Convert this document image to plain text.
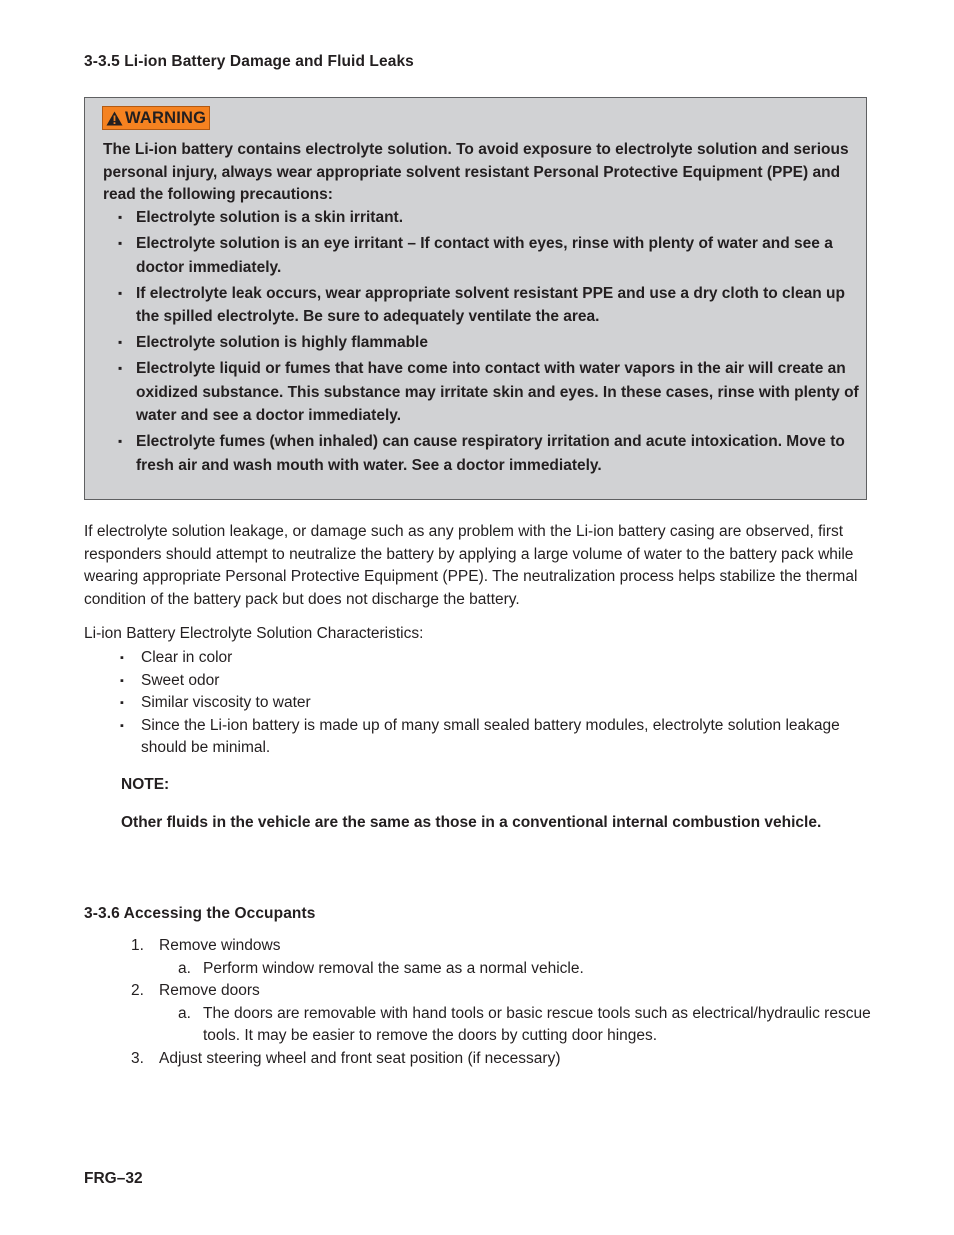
3-3.5 Li-ion Battery Damage and Fluid Leaks
WARNING
The Li-ion battery contains electrolyte solution. To avoid exposure to electrolyte solution and serious personal injury, always wear appropriate solvent resistant Personal Protective Equipment (PPE) and read the following precautions:
▪ Electrolyte solution is a skin irritant.
▪ Electrolyte solution is an eye irritant – If contact with eyes, rinse with plenty of water and see a doctor immediately.
▪ If electrolyte leak occurs, wear appropriate solvent resistant PPE and use a dry cloth to clean up the spilled electrolyte. Be sure to adequately ventilate the area.
▪ Electrolyte solution is highly flammable
▪ Electrolyte liquid or fumes that have come into contact with water vapors in the air will create an oxidized substance. This substance may irritate skin and eyes. In these cases, rinse with plenty of water and see a doctor immediately.
▪ Electrolyte fumes (when inhaled) can cause respiratory irritation and acute intoxication. Move to fresh air and wash mouth with water. See a doctor immediately.
If electrolyte solution leakage, or damage such as any problem with the Li-ion battery casing are observed, first responders should attempt to neutralize the battery by applying a large volume of water to the battery pack while wearing appropriate Personal Protective Equipment (PPE). The neutralization process helps stabilize the thermal condition of the battery pack but does not discharge the battery.
Li-ion Battery Electrolyte Solution Characteristics:
▪ Clear in color
▪ Sweet odor
▪ Similar viscosity to water
▪ Since the Li-ion battery is made up of many small sealed battery modules, electrolyte solution leakage should be minimal.
NOTE:
Other fluids in the vehicle are the same as those in a conventional internal combustion vehicle.
3-3.6 Accessing the Occupants
1. Remove windows
a. Perform window removal the same as a normal vehicle.
2. Remove doors
a. The doors are removable with hand tools or basic rescue tools such as electrical/hydraulic rescue tools. It may be easier to remove the doors by cutting door hinges.
3. Adjust steering wheel and front seat position (if necessary)
FRG–32
